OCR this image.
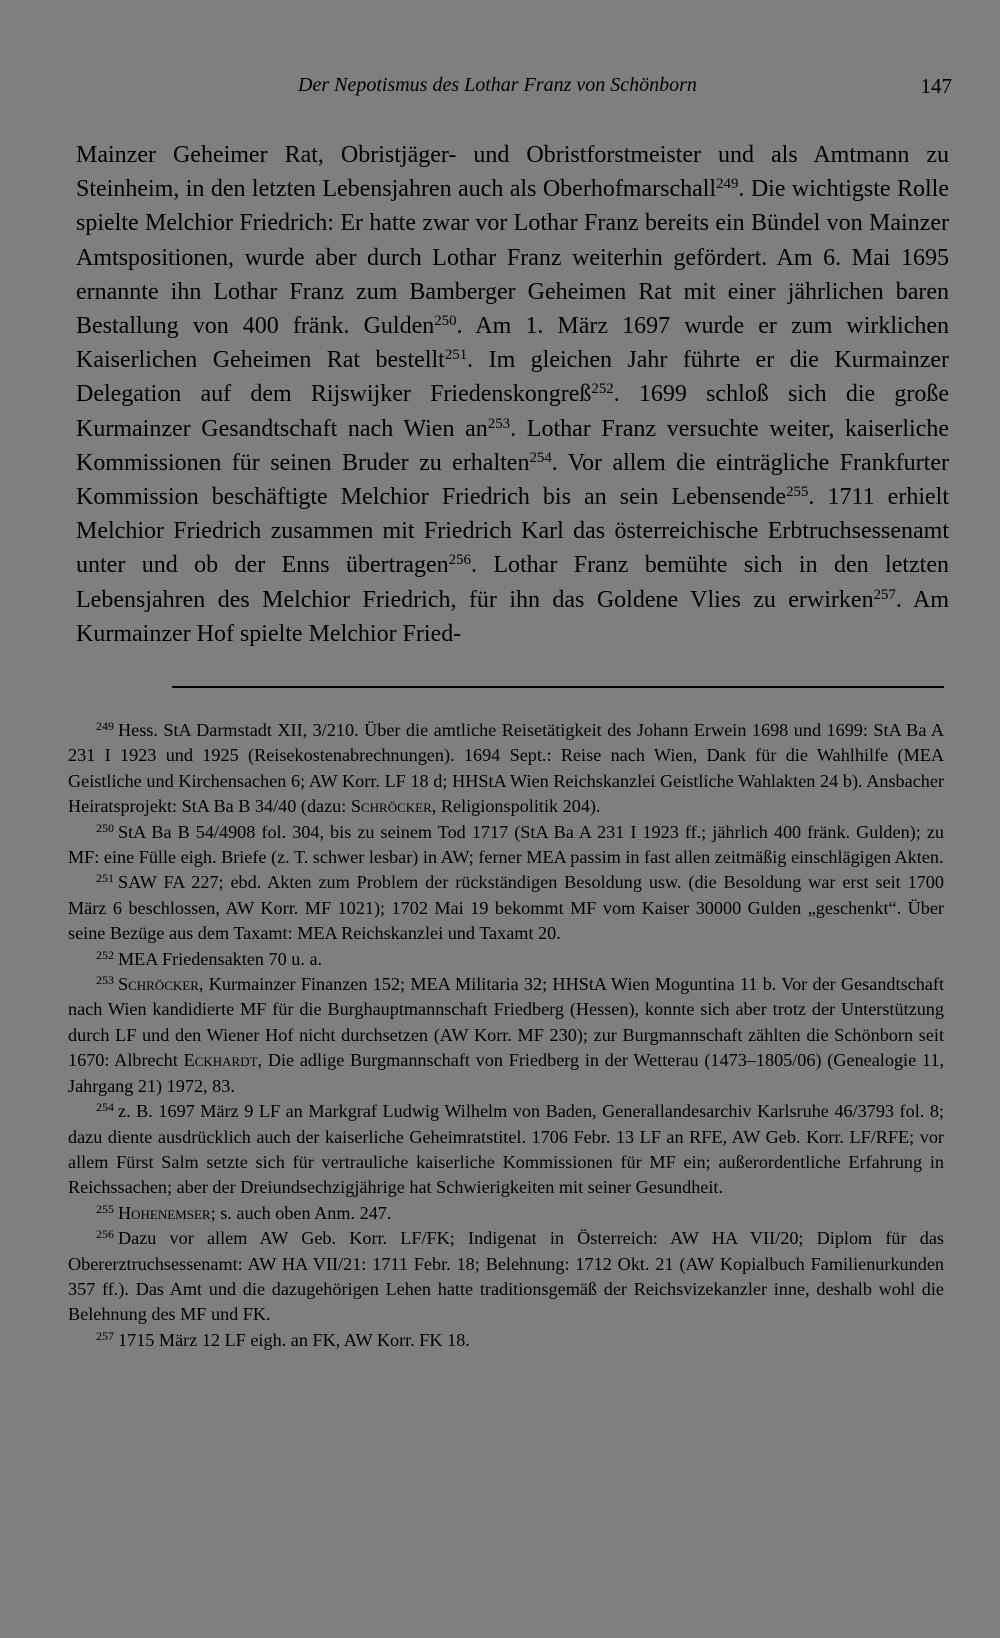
Der Nepotismus des Lothar Franz von Schönborn	147

Mainzer Geheimer Rat, Obristjäger- und Obristforstmeister und als Amtmann zu Steinheim, in den letzten Lebensjahren auch als Oberhofmarschall$^{249}$. Die wichtigste Rolle spielte Melchior Friedrich: Er hatte zwar vor Lothar Franz bereits ein Bündel von Mainzer Amtspositionen, wurde aber durch Lothar Franz weiterhin gefördert. Am 6. Mai 1695 ernannte ihn Lothar Franz zum Bamberger Geheimen Rat mit einer jährlichen baren Bestallung von 400 fränk. Gulden$^{250}$. Am 1. März 1697 wurde er zum wirklichen Kaiserlichen Geheimen Rat bestellt$^{251}$. Im gleichen Jahr führte er die Kurmainzer Delegation auf dem Rijswijker Friedenskongreß$^{252}$. 1699 schloß sich die große Kurmainzer Gesandtschaft nach Wien $an^{253}$. Lothar Franz versuchte weiter, kaiserliche Kommissionen für seinen Bruder zu erhalten$^{254}$. Vor allem die einträgliche Frankfurter Kommission beschäftigte Melchior Friedrich bis an sein Lebensende$^{255}$. 1711 erhielt Melchior Friedrich zusammen mit Friedrich Karl das österreichische Erbtruchsessenamt unter und ob der Enns übertragen$^{256}$. Lothar Franz bemühte sich in den letzten Lebensjahren des Melchior Friedrich, für ihn das Goldene Vlies zu erwirken$^{257}$. Am Kurmainzer Hof spielte Melchior Fried-

$^{249}$ Hess. StA Darmstadt XII, 3/210. Über die amtliche Reisetätigkeit des Johann Erwein 1698 und 1699: StA Ba A 231 I 1923 und 1925 (Reisekostenabrechnungen). 1694 Sept.: Reise nach Wien, Dank für die Wahlhilfe (MEA Geistliche und Kirchensachen 6; AW Korr. LF 18 d; HHStA Wien Reichskanzlei Geistliche Wahlakten 24 b). Ansbacher Heiratsprojekt: StA Ba B 34/40 (dazu: Schröcker, Religionspolitik 204).

$^{250}$ StA Ba B 54/4908 fol. 304, bis zu seinem Tod 1717 (StA Ba A 231 I 1923 ff.; jährlich 400 fränk. Gulden); zu MF: eine Fülle eigh. Briefe (z. T. schwer lesbar) in AW; ferner MEA passim in fast allen zeitmäßig einschlägigen Akten.

$^{251}$ SAW FA 227; ebd. Akten zum Problem der rückständigen Besoldung usw. (die Besoldung war erst seit 1700 März 6 beschlossen, AW Korr. MF 1021); 1702 Mai 19 bekommt MF vom Kaiser 30000 Gulden „geschenkt“. Über seine Bezüge aus dem Taxamt: MEA Reichskanzlei und Taxamt 20.

$^{252}$ MEA Friedensakten 70 u. a.

$^{253}$ Schröcker, Kurmainzer Finanzen 152; MEA Militaria 32; HHStA Wien Moguntina 11 b. Vor der Gesandtschaft nach Wien kandidierte MF für die Burghauptmannschaft Friedberg (Hessen), konnte sich aber trotz der Unterstützung durch LF und den Wiener Hof nicht durchsetzen (AW Korr. MF 230); zur Burgmannschaft zählten die Schönborn seit 1670: Albrecht Eckhardt, Die adlige Burgmannschaft von Friedberg in der Wetterau (1473–1805/06) (Genealogie 11, Jahrgang 21) 1972, 83.

$^{254}$ z. B. 1697 März 9 LF an Markgraf Ludwig Wilhelm von Baden, Generallandesarchiv Karlsruhe 46/3793 fol. 8; dazu diente ausdrücklich auch der kaiserliche Geheimratstitel. 1706 Febr. 13 LF an RFE, AW Geb. Korr. LF/RFE; vor allem Fürst Salm setzte sich für vertrauliche kaiserliche Kommissionen für MF ein; außerordentliche Erfahrung in Reichssachen; aber der Dreiundsechzigjährige hat Schwierigkeiten mit seiner Gesundheit.

$^{255}$ Hohenemser; s. auch oben Anm. 247.

$^{256}$ Dazu vor allem AW Geb. Korr. LF/FK; Indigenat in Österreich: AW HA VII/20; Diplom für das Obererztruchsessenamt: AW HA VII/21: 1711 Febr. 18; Belehnung: 1712 Okt. 21 (AW Kopialbuch Familienurkunden 357 ff.). Das Amt und die dazugehörigen Lehen hatte traditionsgemäß der Reichsvizekanzler inne, deshalb wohl die Belehnung des MF und FK.

$^{257}$ 1715 März 12 LF eigh. an FK, AW Korr. FK 18.
